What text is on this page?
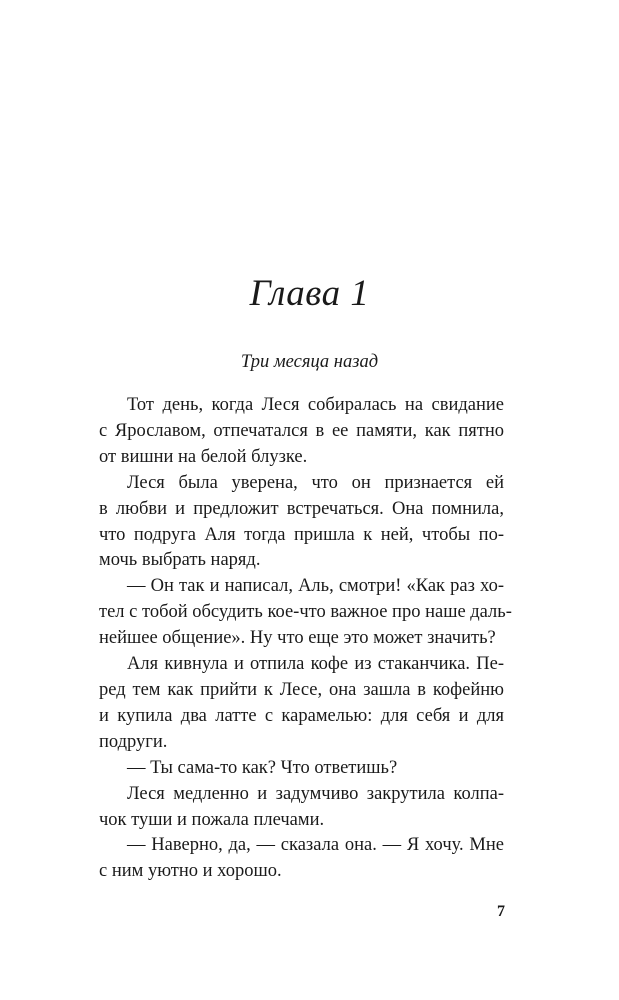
Глава 1

Три месяца назад

Тот день, когда Леся собиралась на свидание
с Ярославом, отпечатался в ее памяти, как пятно
от вишни на белой блузке.
Леся была уверена, что он признается ей
в любви и предложит встречаться. Она помнила,
что подруга Аля тогда пришла к ней, чтобы по-
мочь выбрать наряд.
— Он так и написал, Аль, смотри! «Как раз хо-
тел с тобой обсудить кое-что важное про наше даль-
нейшее общение». Ну что еще это может значить?
Аля кивнула и отпила кофе из стаканчика. Пе-
ред тем как прийти к Лесе, она зашла в кофейню
и купила два латте с карамелью: для себя и для
подруги.
— Ты сама-то как? Что ответишь?
Леся медленно и задумчиво закрутила колпа-
чок туши и пожала плечами.
— Наверно, да, — сказала она. — Я хочу. Мне
с ним уютно и хорошо.

7
